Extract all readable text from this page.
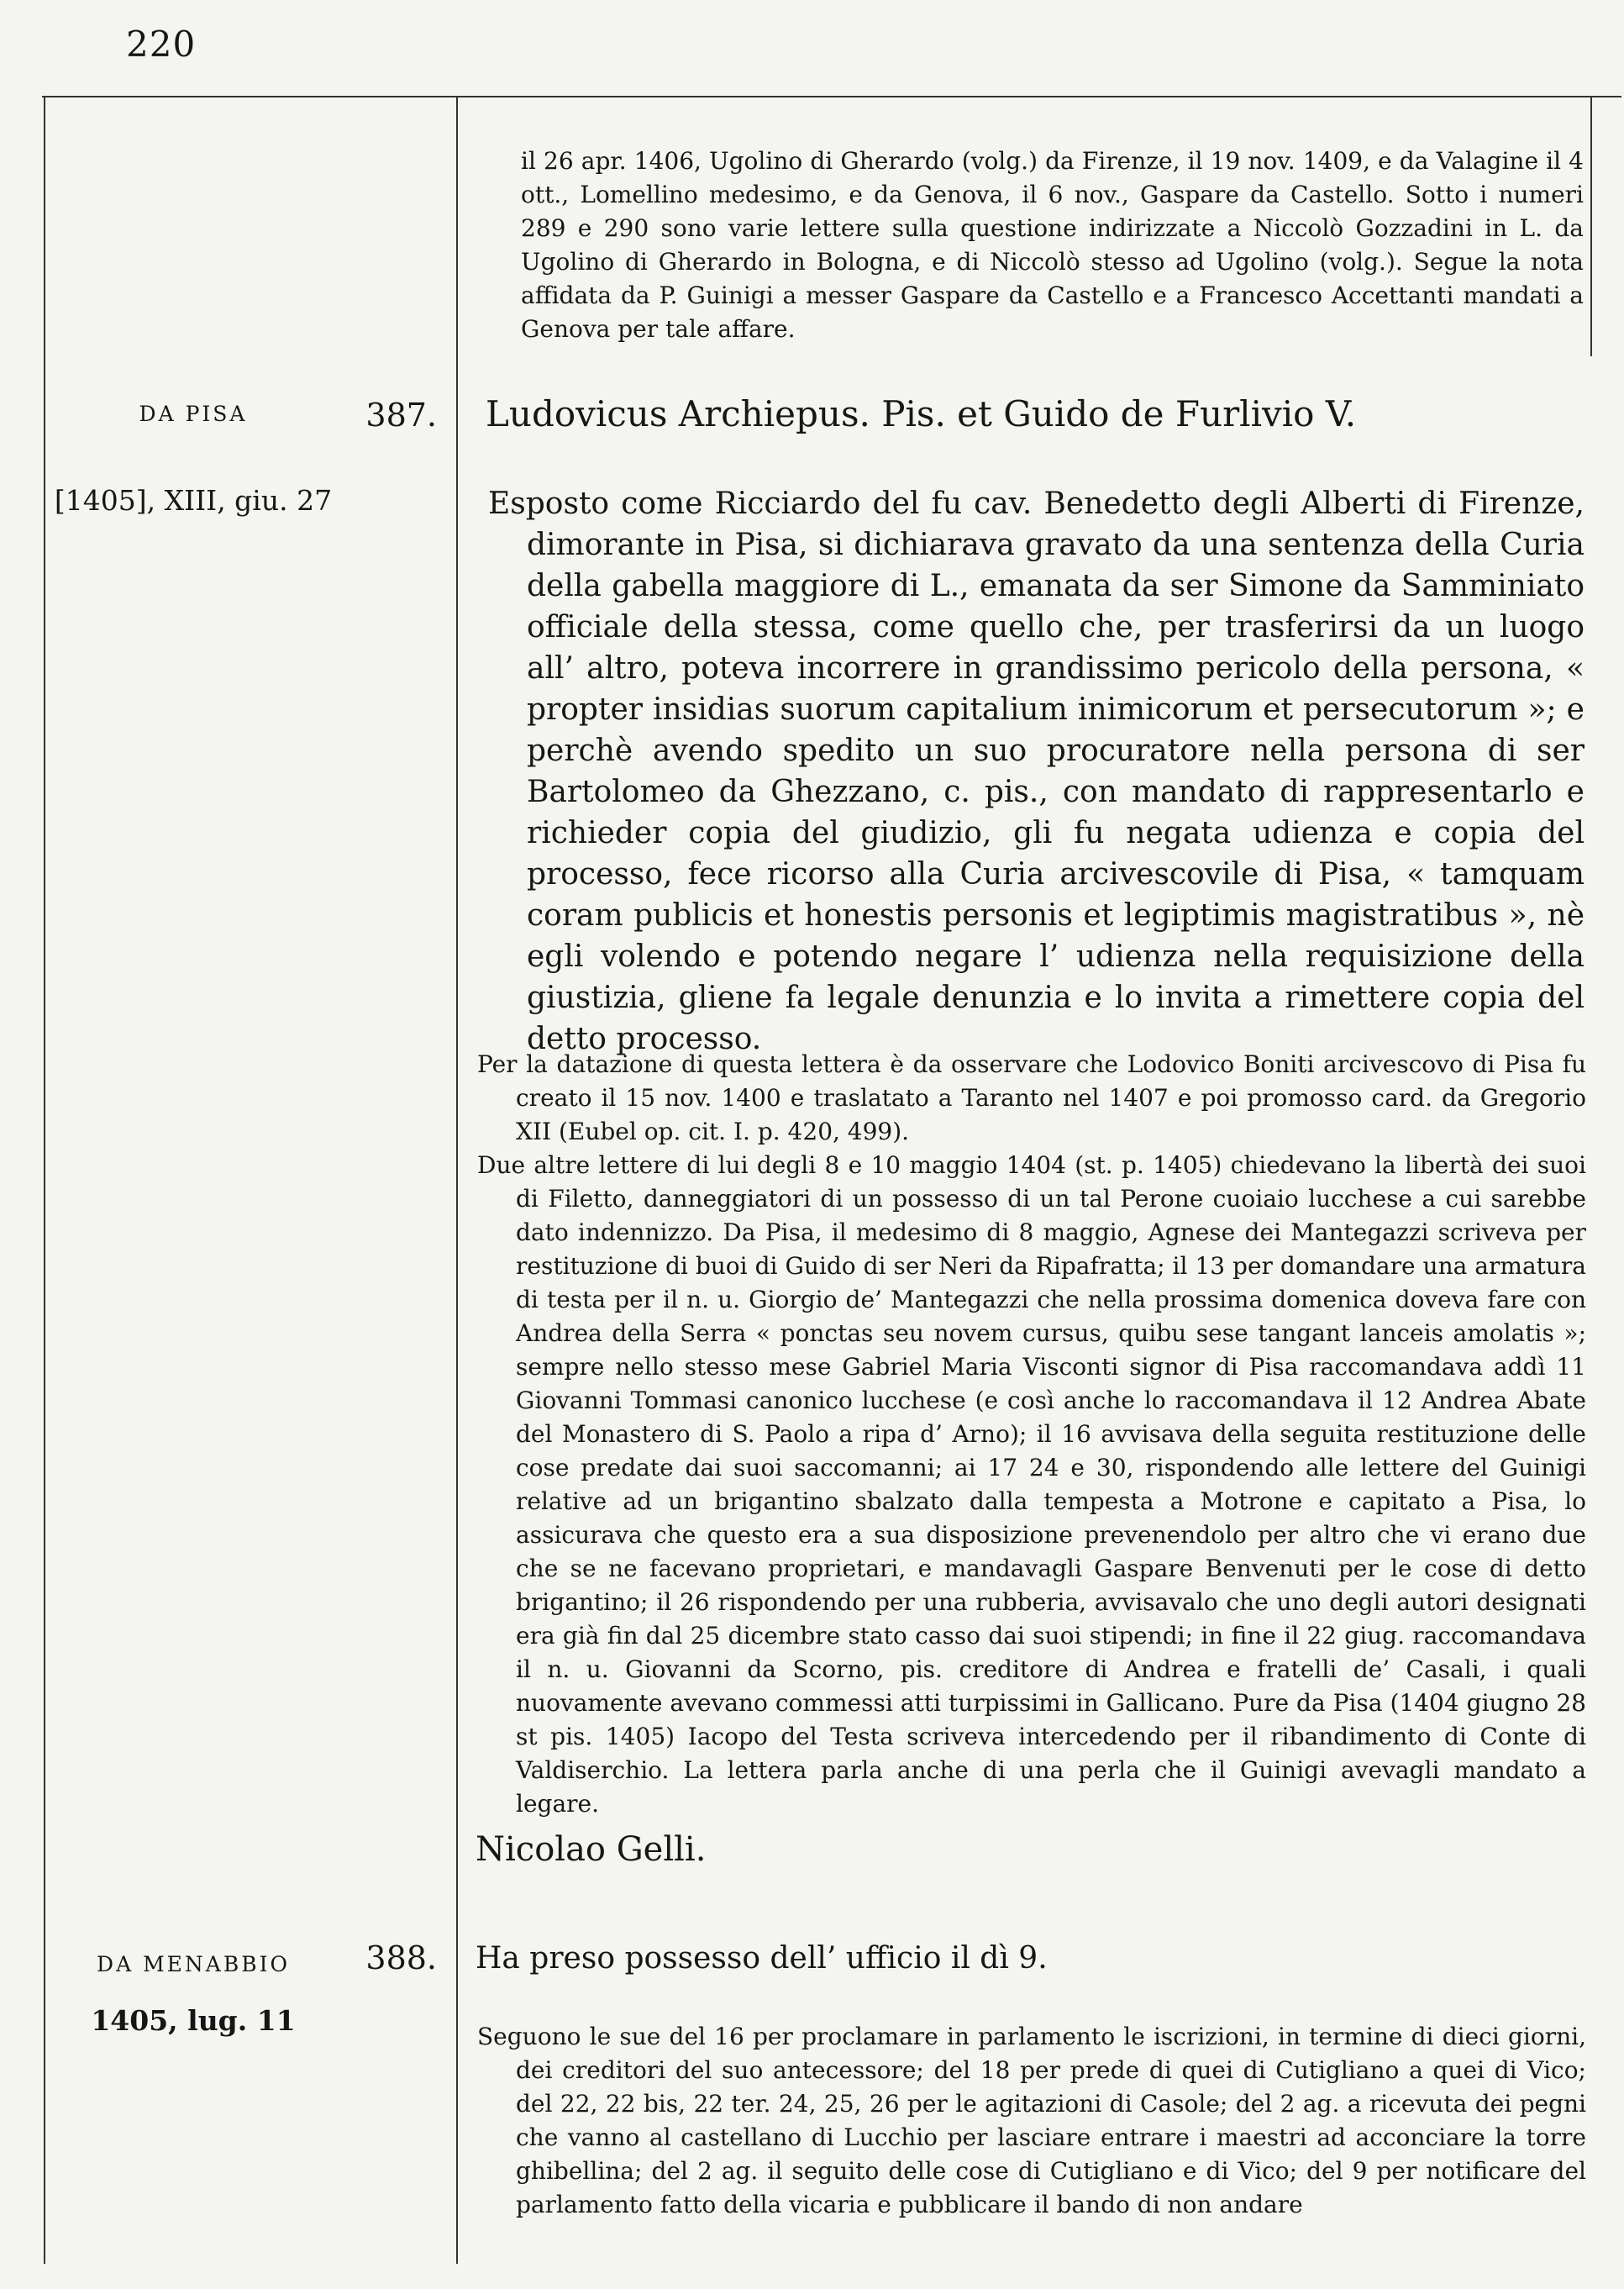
220
il 26 apr. 1406, Ugolino di Gherardo (volg.) da Firenze, il 19 nov. 1409, e da Valagine il 4 ott., Lomellino medesimo, e da Genova, il 6 nov., Gaspare da Castello. Sotto i numeri 289 e 290 sono varie lettere sulla questione indirizzate a Niccolò Gozzadini in L. da Ugolino di Gherardo in Bologna, e di Niccolò stesso ad Ugolino (volg.). Segue la nota affidata da P. Guinigi a messer Gaspare da Castello e a Francesco Accettanti mandati a Genova per tale affare.
DA PISA
[1405], XIII, giu. 27
387. Ludovicus Archiepus. Pis. et Guido de Furlivio V.

Esposto come Ricciardo del fu cav. Benedetto degli Alberti di Firenze, dimorante in Pisa, si dichiarava gravato da una sentenza della Curia della gabella maggiore di L., emanata da ser Simone da Samminiato officiale della stessa, come quello che, per trasferirsi da un luogo all’ altro, poteva incorrere in grandissimo pericolo della persona, « propter insidias suorum capitalium inimicorum et persecutorum »; e perchè avendo spedito un suo procuratore nella persona di ser Bartolomeo da Ghezzano, c. pis., con mandato di rappresentarlo e richieder copia del giudizio, gli fu negata udienza e copia del processo, fece ricorso alla Curia arcivescovile di Pisa, « tamquam coram publicis et honestis personis et legiptimis magistratibus », nè egli volendo e potendo negare l’ udienza nella requisizione della giustizia, gliene fa legale denunzia e lo invita a rimettere copia del detto processo.

Per la datazione di questa lettera è da osservare che Lodovico Boniti arcivescovo di Pisa fu creato il 15 nov. 1400 e traslatato a Taranto nel 1407 e poi promosso card. da Gregorio XII (Eubel op. cit. I. p. 420, 499).

Due altre lettere di lui degli 8 e 10 maggio 1404 (st. p. 1405) chiedevano la libertà dei suoi di Filetto, danneggiatori di un possesso di un tal Perone cuoiaio lucchese a cui sarebbe dato indennizzo. Da Pisa, il medesimo di 8 maggio, Agnese dei Mantegazzi scriveva per restituzione di buoi di Guido di ser Neri da Ripafratta; il 13 per domandare una armatura di testa per il n. u. Giorgio de’ Mantegazzi che nella prossima domenica doveva fare con Andrea della Serra « ponctas seu novem cursus, quibu sese tangant lanceis amolatis »; sempre nello stesso mese Gabriel Maria Visconti signor di Pisa raccomandava addì 11 Giovanni Tommasi canonico lucchese (e così anche lo raccomandava il 12 Andrea Abate del Monastero di S. Paolo a ripa d’ Arno); il 16 avvisava della seguita restituzione delle cose predate dai suoi saccomanni; ai 17 24 e 30, rispondendo alle lettere del Guinigi relative ad un brigantino sbalzato dalla tempesta a Motrone e capitato a Pisa, lo assicurava che questo era a sua disposizione prevenendolo per altro che vi erano due che se ne facevano proprietari, e mandavagli Gaspare Benvenuti per le cose di detto brigantino; il 26 rispondendo per una rubberia, avvisavalo che uno degli autori designati era già fin dal 25 dicembre stato casso dai suoi stipendi; in fine il 22 giug. raccomandava il n. u. Giovanni da Scorno, pis. creditore di Andrea e fratelli de’ Casali, i quali nuovamente avevano commessi atti turpissimi in Gallicano. Pure da Pisa (1404 giugno 28 st pis. 1405) Iacopo del Testa scriveva intercedendo per il ribandimento di Conte di Valdiserchio. La lettera parla anche di una perla che il Guinigi avevagli mandato a legare.

Nicolao Gelli.
DA MENABBIO
1405, lug. 11
388. Ha preso possesso dell’ ufficio il dì 9.

Seguono le sue del 16 per proclamare in parlamento le iscrizioni, in termine di dieci giorni, dei creditori del suo antecessore; del 18 per prede di quei di Cutigliano a quei di Vico; del 22, 22 bis, 22 ter. 24, 25, 26 per le agitazioni di Casole; del 2 ag. a ricevuta dei pegni che vanno al castellano di Lucchio per lasciare entrare i maestri ad acconciare la torre ghibellina; del 2 ag. il seguito delle cose di Cutigliano e di Vico; del 9 per notificare del parlamento fatto della vicaria e pubblicare il bando di non andare
